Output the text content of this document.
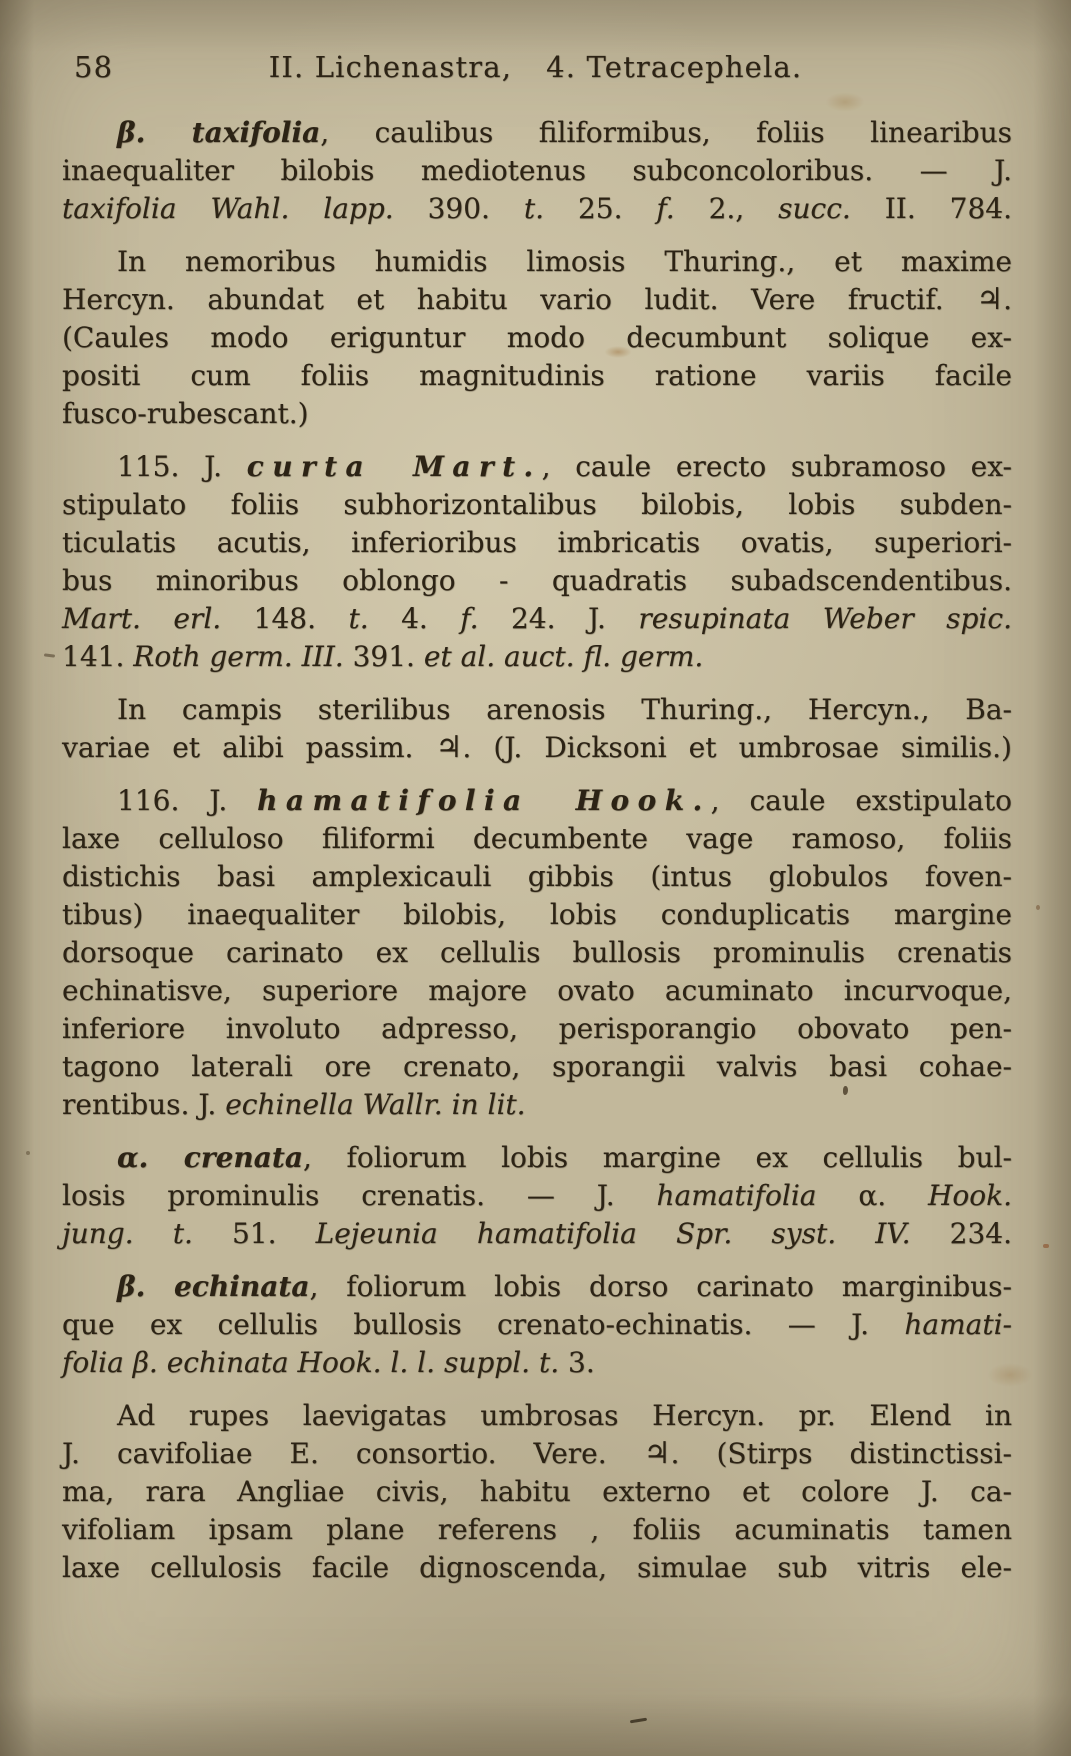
58	II. Lichenastra, 4. Tetracephela.
β. taxifolia, caulibus filiformibus, foliis linearibus
inaequaliter bilobis mediotenus subconcoloribus. — J.
taxifolia Wahl. lapp. 390. t. 25. f. 2., succ. II. 784.
In nemoribus humidis limosis Thuring., et maxime
Hercyn. abundat et habitu vario ludit. Vere fructif. ♃.
(Caules modo eriguntur modo decumbunt solique ex-
positi cum foliis magnitudinis ratione variis facile
fusco-rubescant.)
115. J. curta Mart., caule erecto subramoso ex-
stipulato foliis subhorizontalibus bilobis, lobis subden-
ticulatis acutis, inferioribus imbricatis ovatis, superiori-
bus minoribus oblongo - quadratis subadscendentibus.
Mart. erl. 148. t. 4. f. 24. J. resupinata Weber spic.
141. Roth germ. III. 391. et al. auct. fl. germ.
In campis sterilibus arenosis Thuring., Hercyn., Ba-
variae et alibi passim. ♃. (J. Dicksoni et umbrosae similis.)
116. J. hamatifolia Hook., caule exstipulato
laxe celluloso filiformi decumbente vage ramoso, foliis
distichis basi amplexicauli gibbis (intus globulos foven-
tibus) inaequaliter bilobis, lobis conduplicatis margine
dorsoque carinato ex cellulis bullosis prominulis crenatis
echinatisve, superiore majore ovato acuminato incurvoque,
inferiore involuto adpresso, perisporangio obovato pen-
tagono laterali ore crenato, sporangii valvis basi cohae-
rentibus. J. echinella Wallr. in lit.
α. crenata, foliorum lobis margine ex cellulis bul-
losis prominulis crenatis. — J. hamatifolia α. Hook.
jung. t. 51. Lejeunia hamatifolia Spr. syst. IV. 234.
β. echinata, foliorum lobis dorso carinato marginibus-
que ex cellulis bullosis crenato-echinatis. — J. hamati-
folia β. echinata Hook. l. l. suppl. t. 3.
Ad rupes laevigatas umbrosas Hercyn. pr. Elend in
J. cavifoliae E. consortio. Vere. ♃. (Stirps distinctissi-
ma, rara Angliae civis, habitu externo et colore J. ca-
vifoliam ipsam plane referens , foliis acuminatis tamen
laxe cellulosis facile dignoscenda, simulae sub vitris ele-
